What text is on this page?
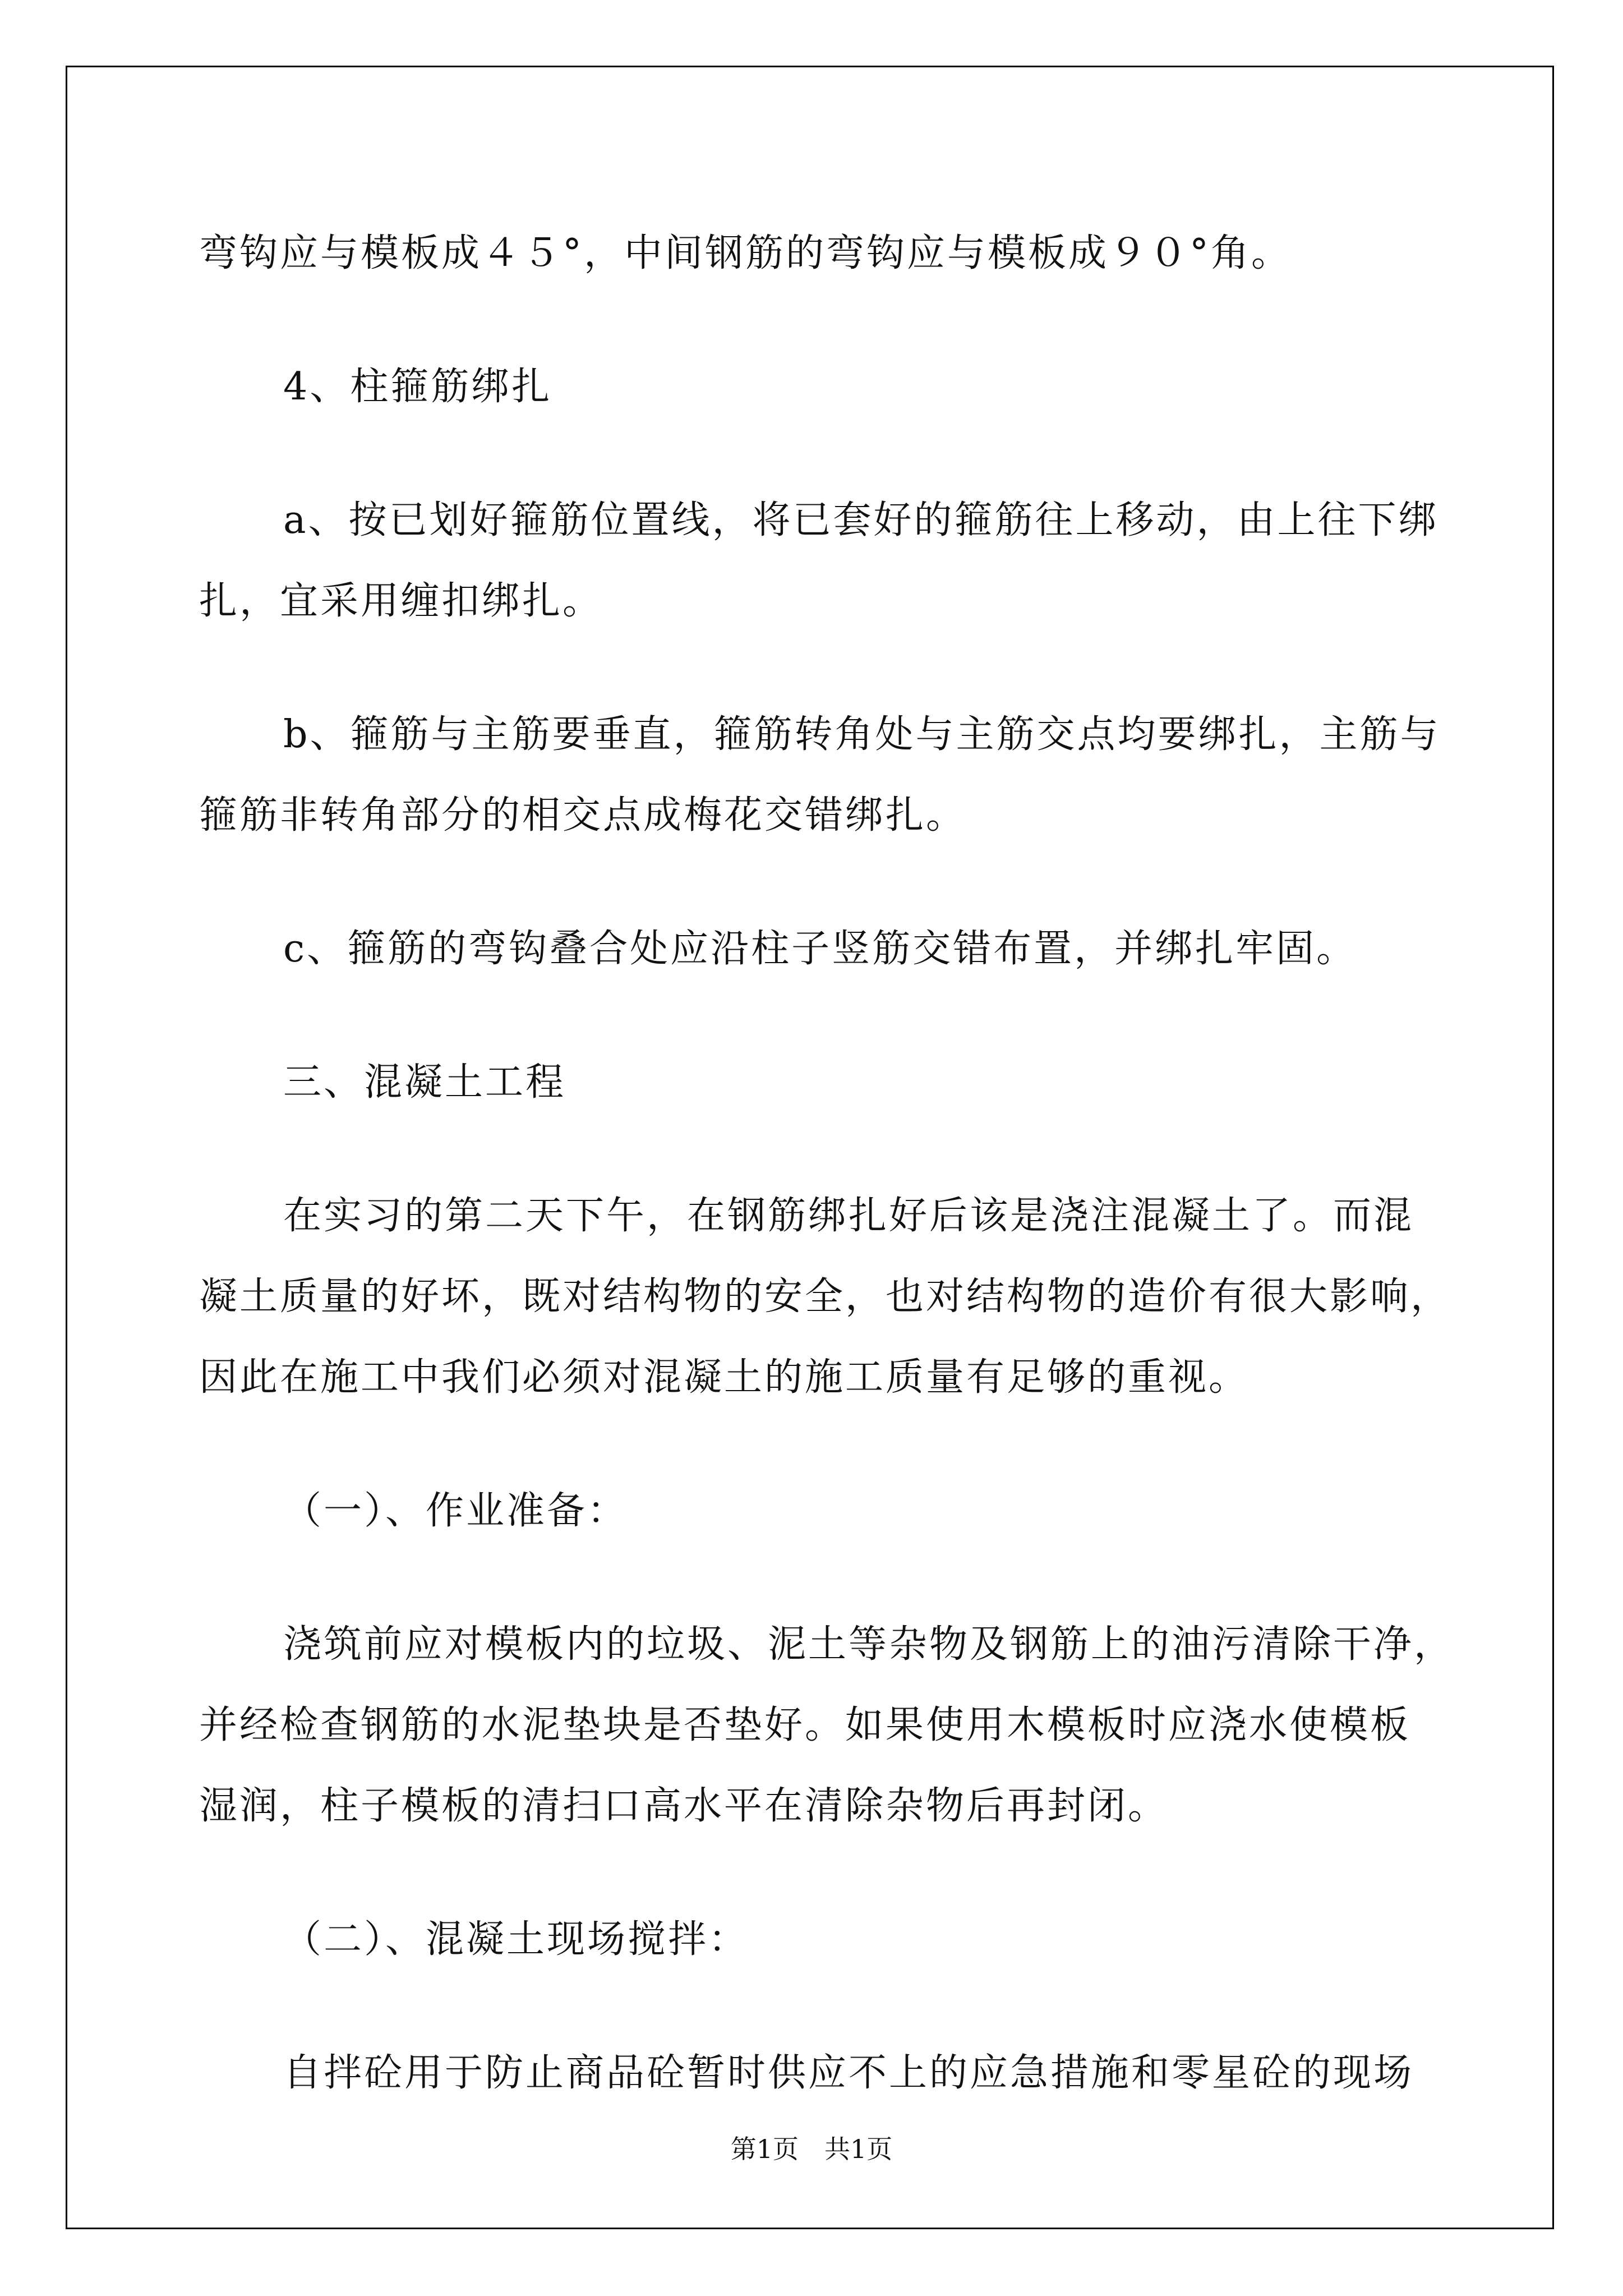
弯钩应与模板成４５°，中间钢筋的弯钩应与模板成９０°角。
4、柱箍筋绑扎
a、按已划好箍筋位置线，将已套好的箍筋往上移动，由上往下绑
扎，宜采用缠扣绑扎。
b、箍筋与主筋要垂直，箍筋转角处与主筋交点均要绑扎，主筋与
箍筋非转角部分的相交点成梅花交错绑扎。
c、箍筋的弯钩叠合处应沿柱子竖筋交错布置，并绑扎牢固。
三、混凝土工程
在实习的第二天下午，在钢筋绑扎好后该是浇注混凝土了。而混
凝土质量的好坏，既对结构物的安全，也对结构物的造价有很大影响，
因此在施工中我们必须对混凝土的施工质量有足够的重视。
（一）、作业准备：
浇筑前应对模板内的垃圾、泥土等杂物及钢筋上的油污清除干净，
并经检查钢筋的水泥垫块是否垫好。如果使用木模板时应浇水使模板
湿润，柱子模板的清扫口高水平在清除杂物后再封闭。
（二）、混凝土现场搅拌：
自拌砼用于防止商品砼暂时供应不上的应急措施和零星砼的现场
第1页　共1页
